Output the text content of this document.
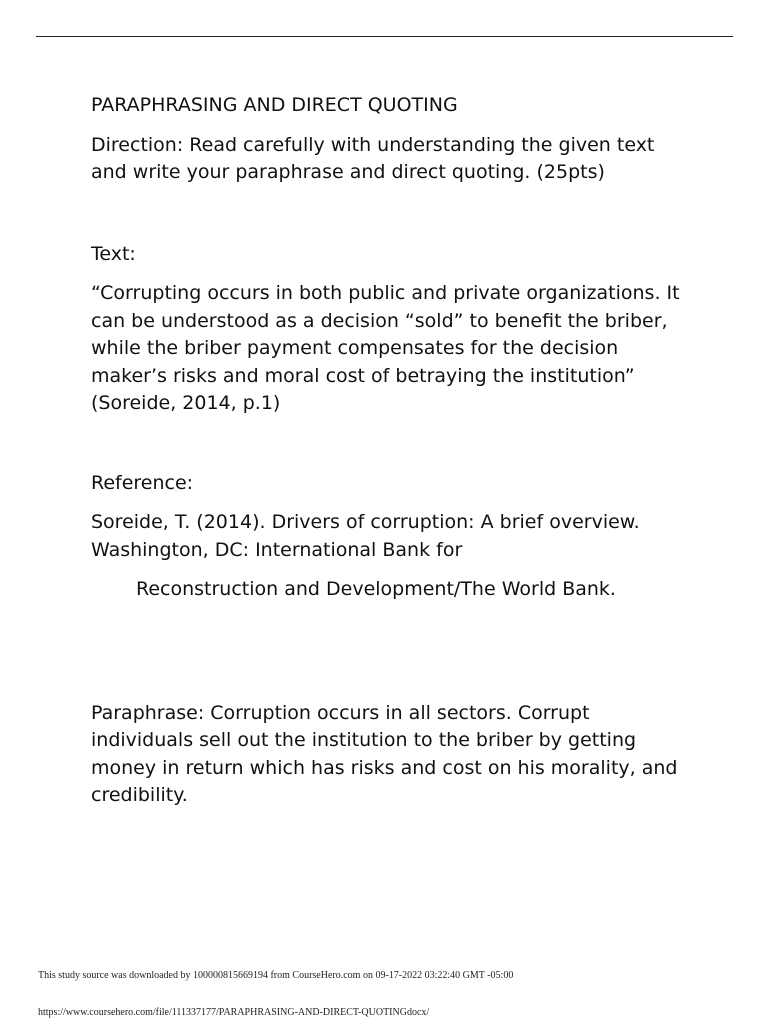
PARAPHRASING AND DIRECT QUOTING

Direction: Read carefully with understanding the given text and write your paraphrase and direct quoting. (25pts)

Text:

“Corrupting occurs in both public and private organizations. It can be understood as a decision “sold” to benefit the briber, while the briber payment compensates for the decision maker’s risks and moral cost of betraying the institution” (Soreide, 2014, p.1)

Reference:

Soreide, T. (2014). Drivers of corruption: A brief overview. Washington, DC: International Bank for

Reconstruction and Development/The World Bank.

Paraphrase: Corruption occurs in all sectors. Corrupt individuals sell out the institution to the briber by getting money in return which has risks and cost on his morality, and credibility.

This study source was downloaded by 100000815669194 from CourseHero.com on 09-17-2022 03:22:40 GMT -05:00
https://www.coursehero.com/file/111337177/PARAPHRASING-AND-DIRECT-QUOTINGdocx/
